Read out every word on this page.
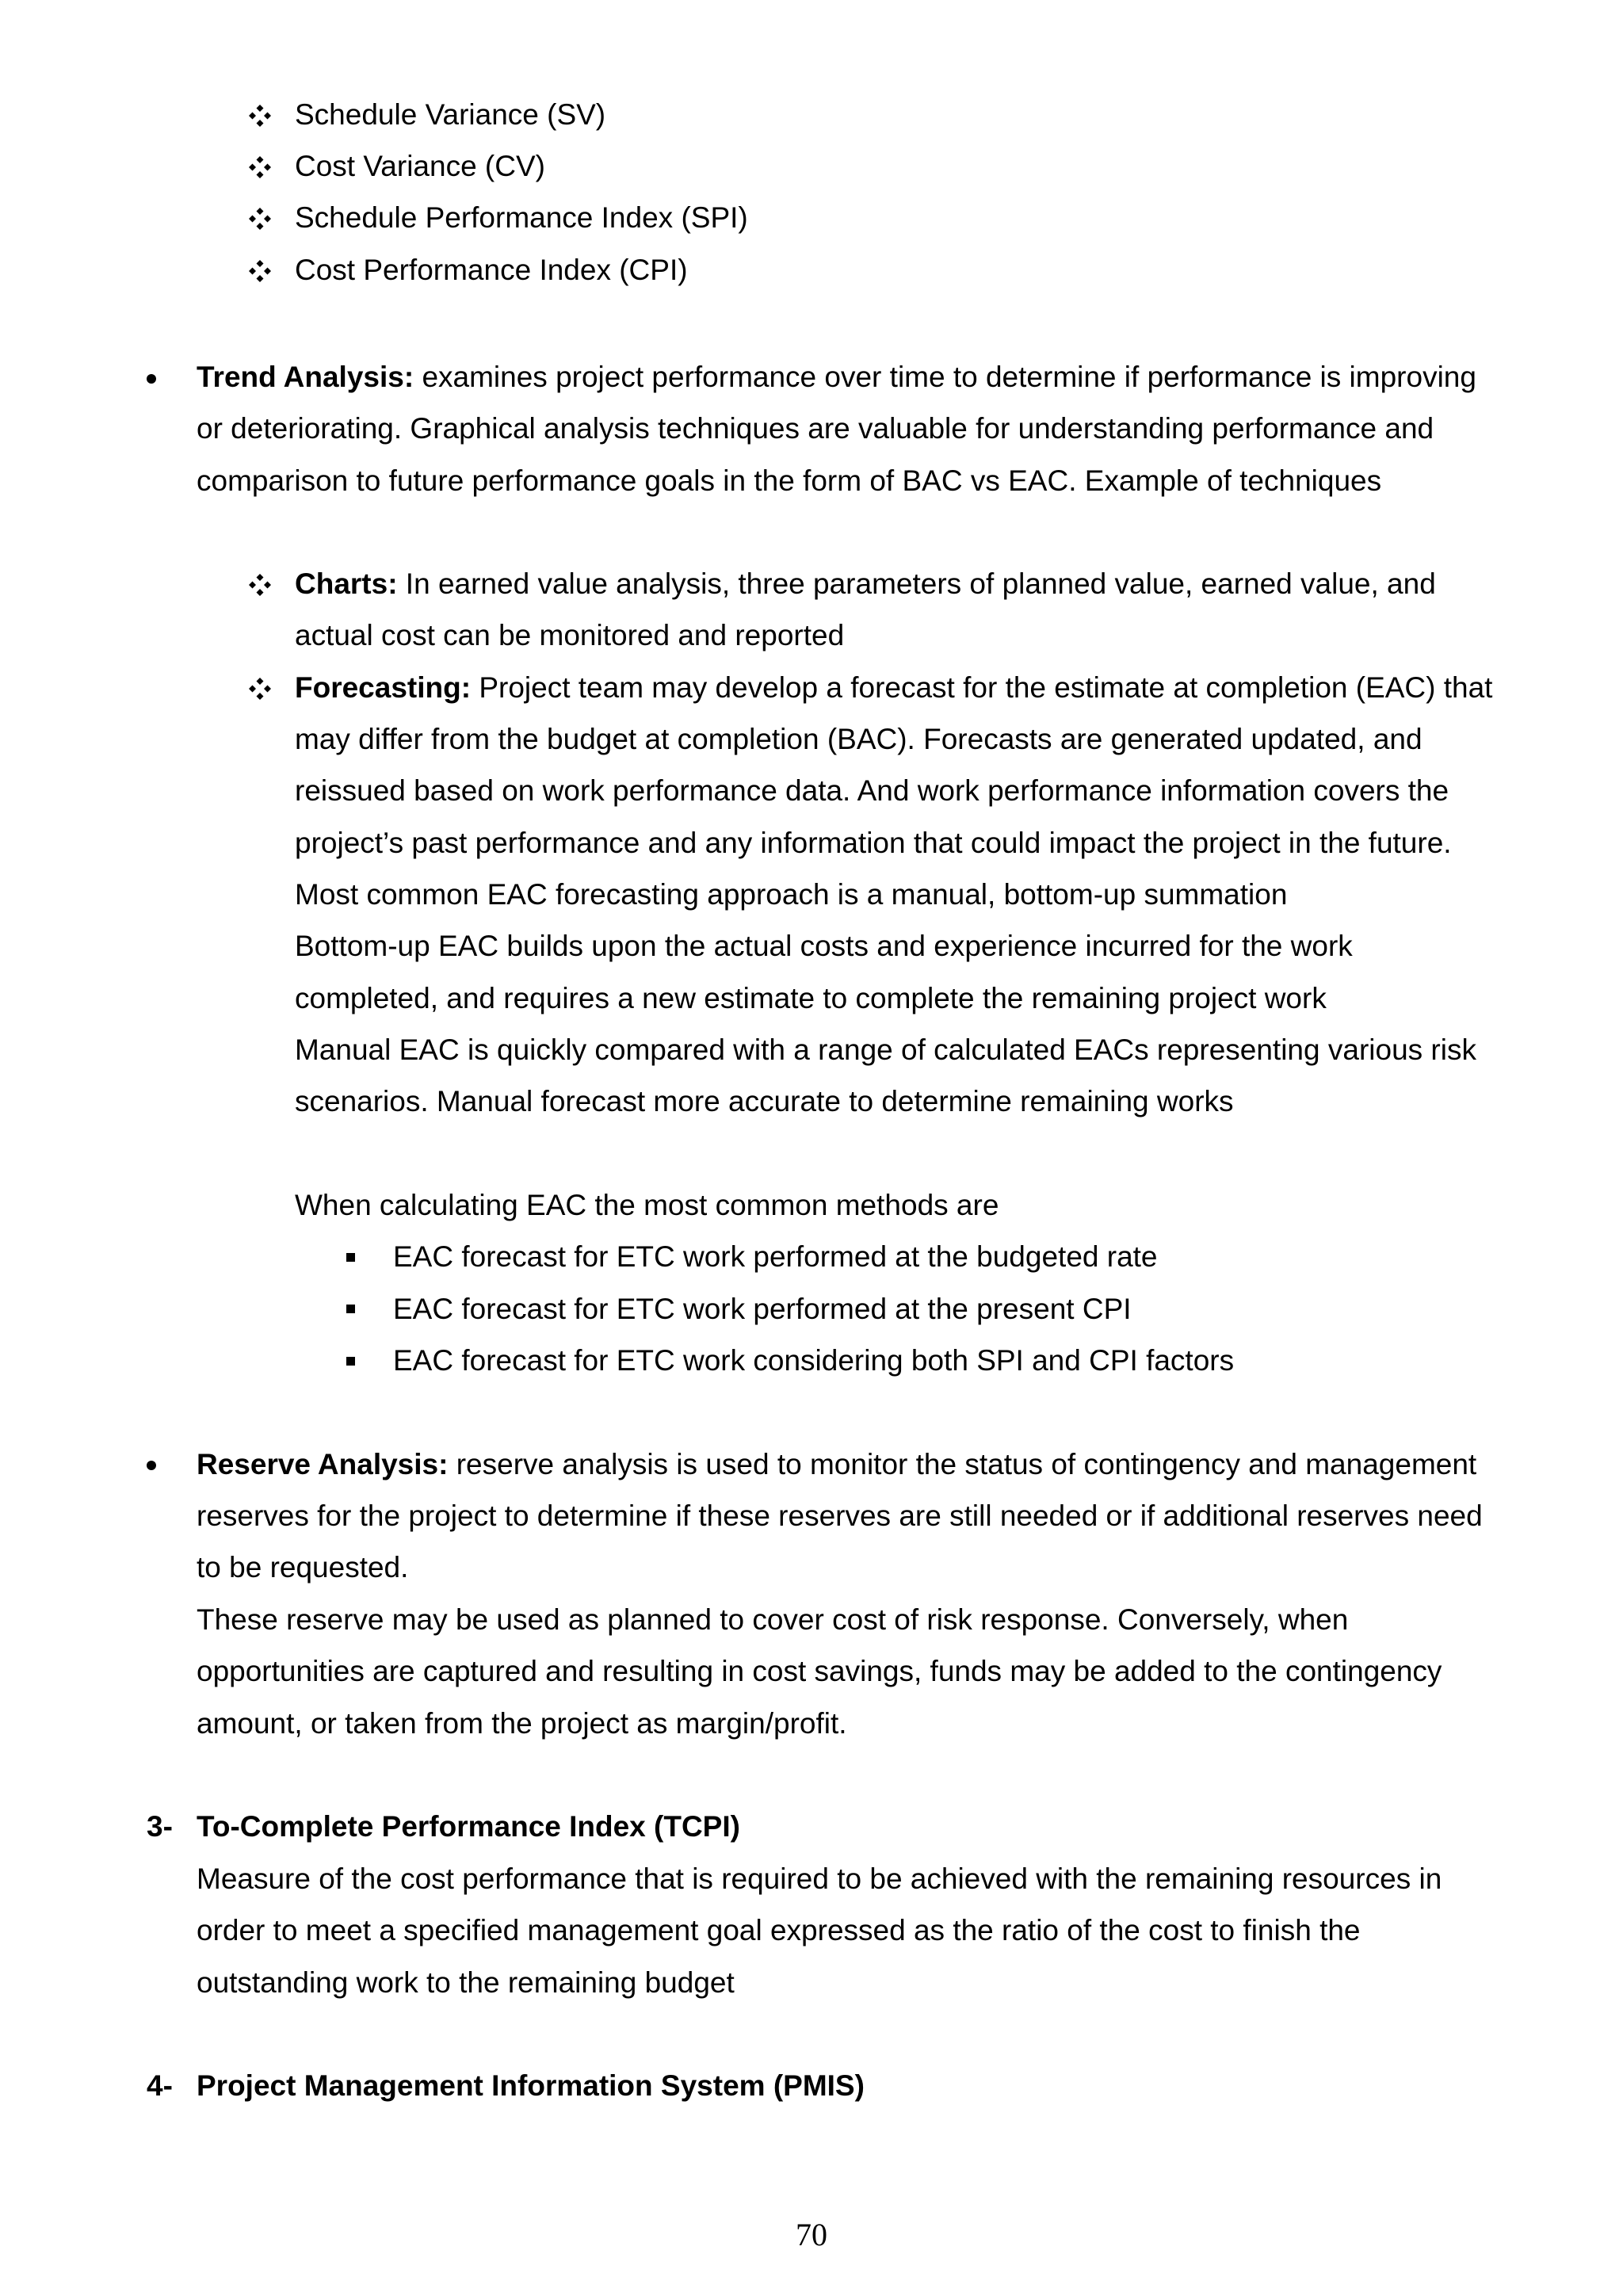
Schedule Variance (SV)
Cost Variance (CV)
Schedule Performance Index (SPI)
Cost Performance Index (CPI)
Trend Analysis: examines project performance over time to determine if performance is improving
or deteriorating. Graphical analysis techniques are valuable for understanding performance and
comparison to future performance goals in the form of BAC vs EAC. Example of techniques
Charts: In earned value analysis, three parameters of planned value, earned value, and
actual cost can be monitored and reported
Forecasting: Project team may develop a forecast for the estimate at completion (EAC) that
may differ from the budget at completion (BAC). Forecasts are generated updated, and
reissued based on work performance data. And work performance information covers the
project’s past performance and any information that could impact the project in the future.
Most common EAC forecasting approach is a manual, bottom-up summation
Bottom-up EAC builds upon the actual costs and experience incurred for the work
completed, and requires a new estimate to complete the remaining project work
Manual EAC is quickly compared with a range of calculated EACs representing various risk
scenarios. Manual forecast more accurate to determine remaining works
When calculating EAC the most common methods are
EAC forecast for ETC work performed at the budgeted rate
EAC forecast for ETC work performed at the present CPI
EAC forecast for ETC work considering both SPI and CPI factors
Reserve Analysis: reserve analysis is used to monitor the status of contingency and management
reserves for the project to determine if these reserves are still needed or if additional reserves need
to be requested.
These reserve may be used as planned to cover cost of risk response. Conversely, when
opportunities are captured and resulting in cost savings, funds may be added to the contingency
amount, or taken from the project as margin/profit.
3- To-Complete Performance Index (TCPI)
Measure of the cost performance that is required to be achieved with the remaining resources in
order to meet a specified management goal expressed as the ratio of the cost to finish the
outstanding work to the remaining budget
4- Project Management Information System (PMIS)
70
